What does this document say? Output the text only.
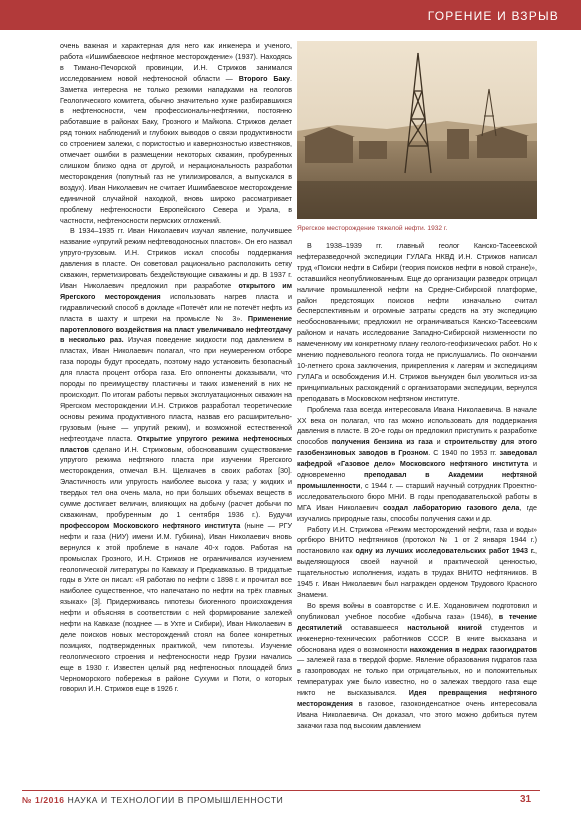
ГОРЕНИЕ И ВЗРЫВ

очень важная и характерная для него как инженера и ученого, работа «Ишимбаевское нефтяное месторождение» (1937). Находясь в Тимано-Печорской провинции, И.Н. Стрижов занимался исследованием новой нефтеносной области — Второго Баку. Заметка интересна не только резкими нападками на геологов Геологического комитета, обычно значительно хуже разбиравшихся в нефтеносности, чем профессионалы-нефтяники, постоянно работавшие в районах Баку, Грозного и Майкопа. Стрижов делает ряд тонких наблюдений и глубоких выводов о связи продуктивности со строением залежи, с пористостью и кавернозностью известняков, отмечает ошибки в размещении некоторых скважин, пробуренных слишком близко одна от другой, и нерациональность разработки месторождения (попутный газ не утилизировался, а выпускался в воздух). Иван Николаевич не считает Ишимбаевское месторождение единичной случайной находкой, вновь широко рассматривает проблему нефтеносности Европейского Севера и Урала, в частности, нефтеносности пермских отложений.

В 1934–1935 гг. Иван Николаевич изучал явление, получившее название «упругий режим нефтеводоносных пластов». Он его назвал упруго-грузовым. И.Н. Стрижов искал способы поддержания давления в пласте. Он советовал рационально расположить сетку скважин, герметизировать бездействующие скважины и др. В 1937 г. Иван Николаевич предложил при разработке открытого им Ярегского месторождения использовать нагрев пласта и гидравлический способ в докладе «Потечёт или не потечёт нефть из пласта в шахту и штреки на промысле № 3». Применение паротеплового воздействия на пласт увеличивало нефтеотдачу в несколько раз. Изучая поведение жидкости под давлением в пластах, Иван Николаевич полагал, что при неумеренном отборе газа породы будут проседать, поэтому надо установить безопасный для пласта процент отбора газа. Его оппоненты доказывали, что породы по преимуществу пластичны и таких изменений в них не происходит. По итогам работы первых эксплуатационных скважин на Ярегском месторождении И.Н. Стрижов разработал теоретические основы режима продуктивного пласта, назвав его расширительно-грузовым (ныне — упругий режим), и возможной естественной нефтеотдаче пласта. Открытие упругого режима нефтеносных пластов сделано И.Н. Стрижовым, обосновавшим существование упругого режима нефтяного пласта при изучении Ярегского месторождения, отмечал В.Н. Щелкачев в своих работах [30]. Эластичность или упругость наиболее высока у газа; у жидких и твердых тел она очень мала, но при больших объемах веществ в сумме достигает величин, влияющих на добычу (расчет добычи по скважинам, пробуренным до 1 сентября 1936 г.). Будучи профессором Московского нефтяного института (ныне — РГУ нефти и газа (НИУ) имени И.М. Губкина), Иван Николаевич вновь вернулся к этой проблеме в начале 40-х годов. Работая на промыслах Грозного, И.Н. Стрижов не ограничивался изучением геологической литературы по Кавказу и Предкавказью. В тридцатые годы в Ухте он писал: «Я работаю по нефти с 1898 г. и прочитал все наиболее существенное, что напечатано по нефти на трёх главных языках» [3]. Придерживаясь гипотезы биогенного происхождения нефти и объясняя в соответствии с ней формирование залежей нефти на Кавказе (позднее — в Ухте и Сибири), Иван Николаевич в деле поисков новых месторождений стоял на более конкретных позициях, подтвержденных практикой, чем гипотезы. Изучение геологического строения и нефтеносности недр Грузии начались еще в 1930 г. Известен целый ряд нефтеносных площадей близ Черноморского побережья в районе Сухуми и Поти, о которых говорил И.Н. Стрижов еще в 1926 г.

Ярегское месторождение тяжелой нефти. 1932 г.

В 1938–1939 гг. главный геолог Канско-Тасеевской нефтеразведочной экспедиции ГУЛАГа НКВД И.Н. Стрижов написал труд «Поиски нефти в Сибири (теория поисков нефти в новой стране)», оставшийся неопубликованным. Еще до организации разведок отрицал наличие промышленной нефти на Средне-Сибирской платформе, район предстоящих поисков нефти изначально считал бесперспективным и огромные затраты средств на эту экспедицию необоснованными; предложил не ограничиваться Канско-Тасеевским районом и начать исследование Западно-Сибирской низменности по намеченному им конкретному плану геолого-геофизических работ. Но к мнению подневольного геолога тогда не прислушались. По окончании 10-летнего срока заключения, прикрепления к лагерям и экспедициям ГУЛАГа и освобождения И.Н. Стрижов вынужден был уволиться из-за принципиальных расхождений с организаторами экспедиции, вернулся преподавать в Московском нефтяном институте.

Проблема газа всегда интересовала Ивана Николаевича. В начале XX века он полагал, что газ можно использовать для поддержания давления в пласте. В 20-е годы он предложил приступить к разработке способов получения бензина из газа и строительству для этого газобензиновых заводов в Грозном. С 1940 по 1953 гг. заведовал кафедрой «Газовое дело» Московского нефтяного института и одновременно преподавал в Академии нефтяной промышленности, с 1944 г. — старший научный сотрудник Проектно-исследовательского бюро МНИ. В годы преподавательской работы в МГА Иван Николаевич создал лабораторию газового дела, где изучались природные газы, способы получения сажи и др.

Работу И.Н. Стрижова «Режим месторождений нефти, газа и воды» оргбюро ВНИТО нефтяников (протокол № 1 от 2 января 1944 г.) постановило как одну из лучших исследовательских работ 1943 г., выделяющуюся своей научной и практической ценностью, тщательностью исполнения, издать в трудах ВНИТО нефтяников. В 1945 г. Иван Николаевич был награжден орденом Трудового Красного Знамени.

Во время войны в соавторстве с И.Е. Ходановичем подготовил и опубликовал учебное пособие «Добыча газа» (1946), в течение десятилетий остававшееся настольной книгой студентов и инженерно-технических работников СССР. В книге высказана и обоснована идея о возможности нахождения в недрах газогидратов — залежей газа в твердой форме. Явление образования гидратов газа в газопроводах не только при отрицательных, но и положительных температурах уже было известно, но о залежах твердого газа еще никто не высказывался. Идея превращения нефтяного месторождения в газовое, газоконденсатное очень интересовала Ивана Николаевича. Он доказал, что этого можно добиться путем закачки газа под высоким давлением

№ 1/2016 НАУКА И ТЕХНОЛОГИИ В ПРОМЫШЛЕННОСТИ	31
